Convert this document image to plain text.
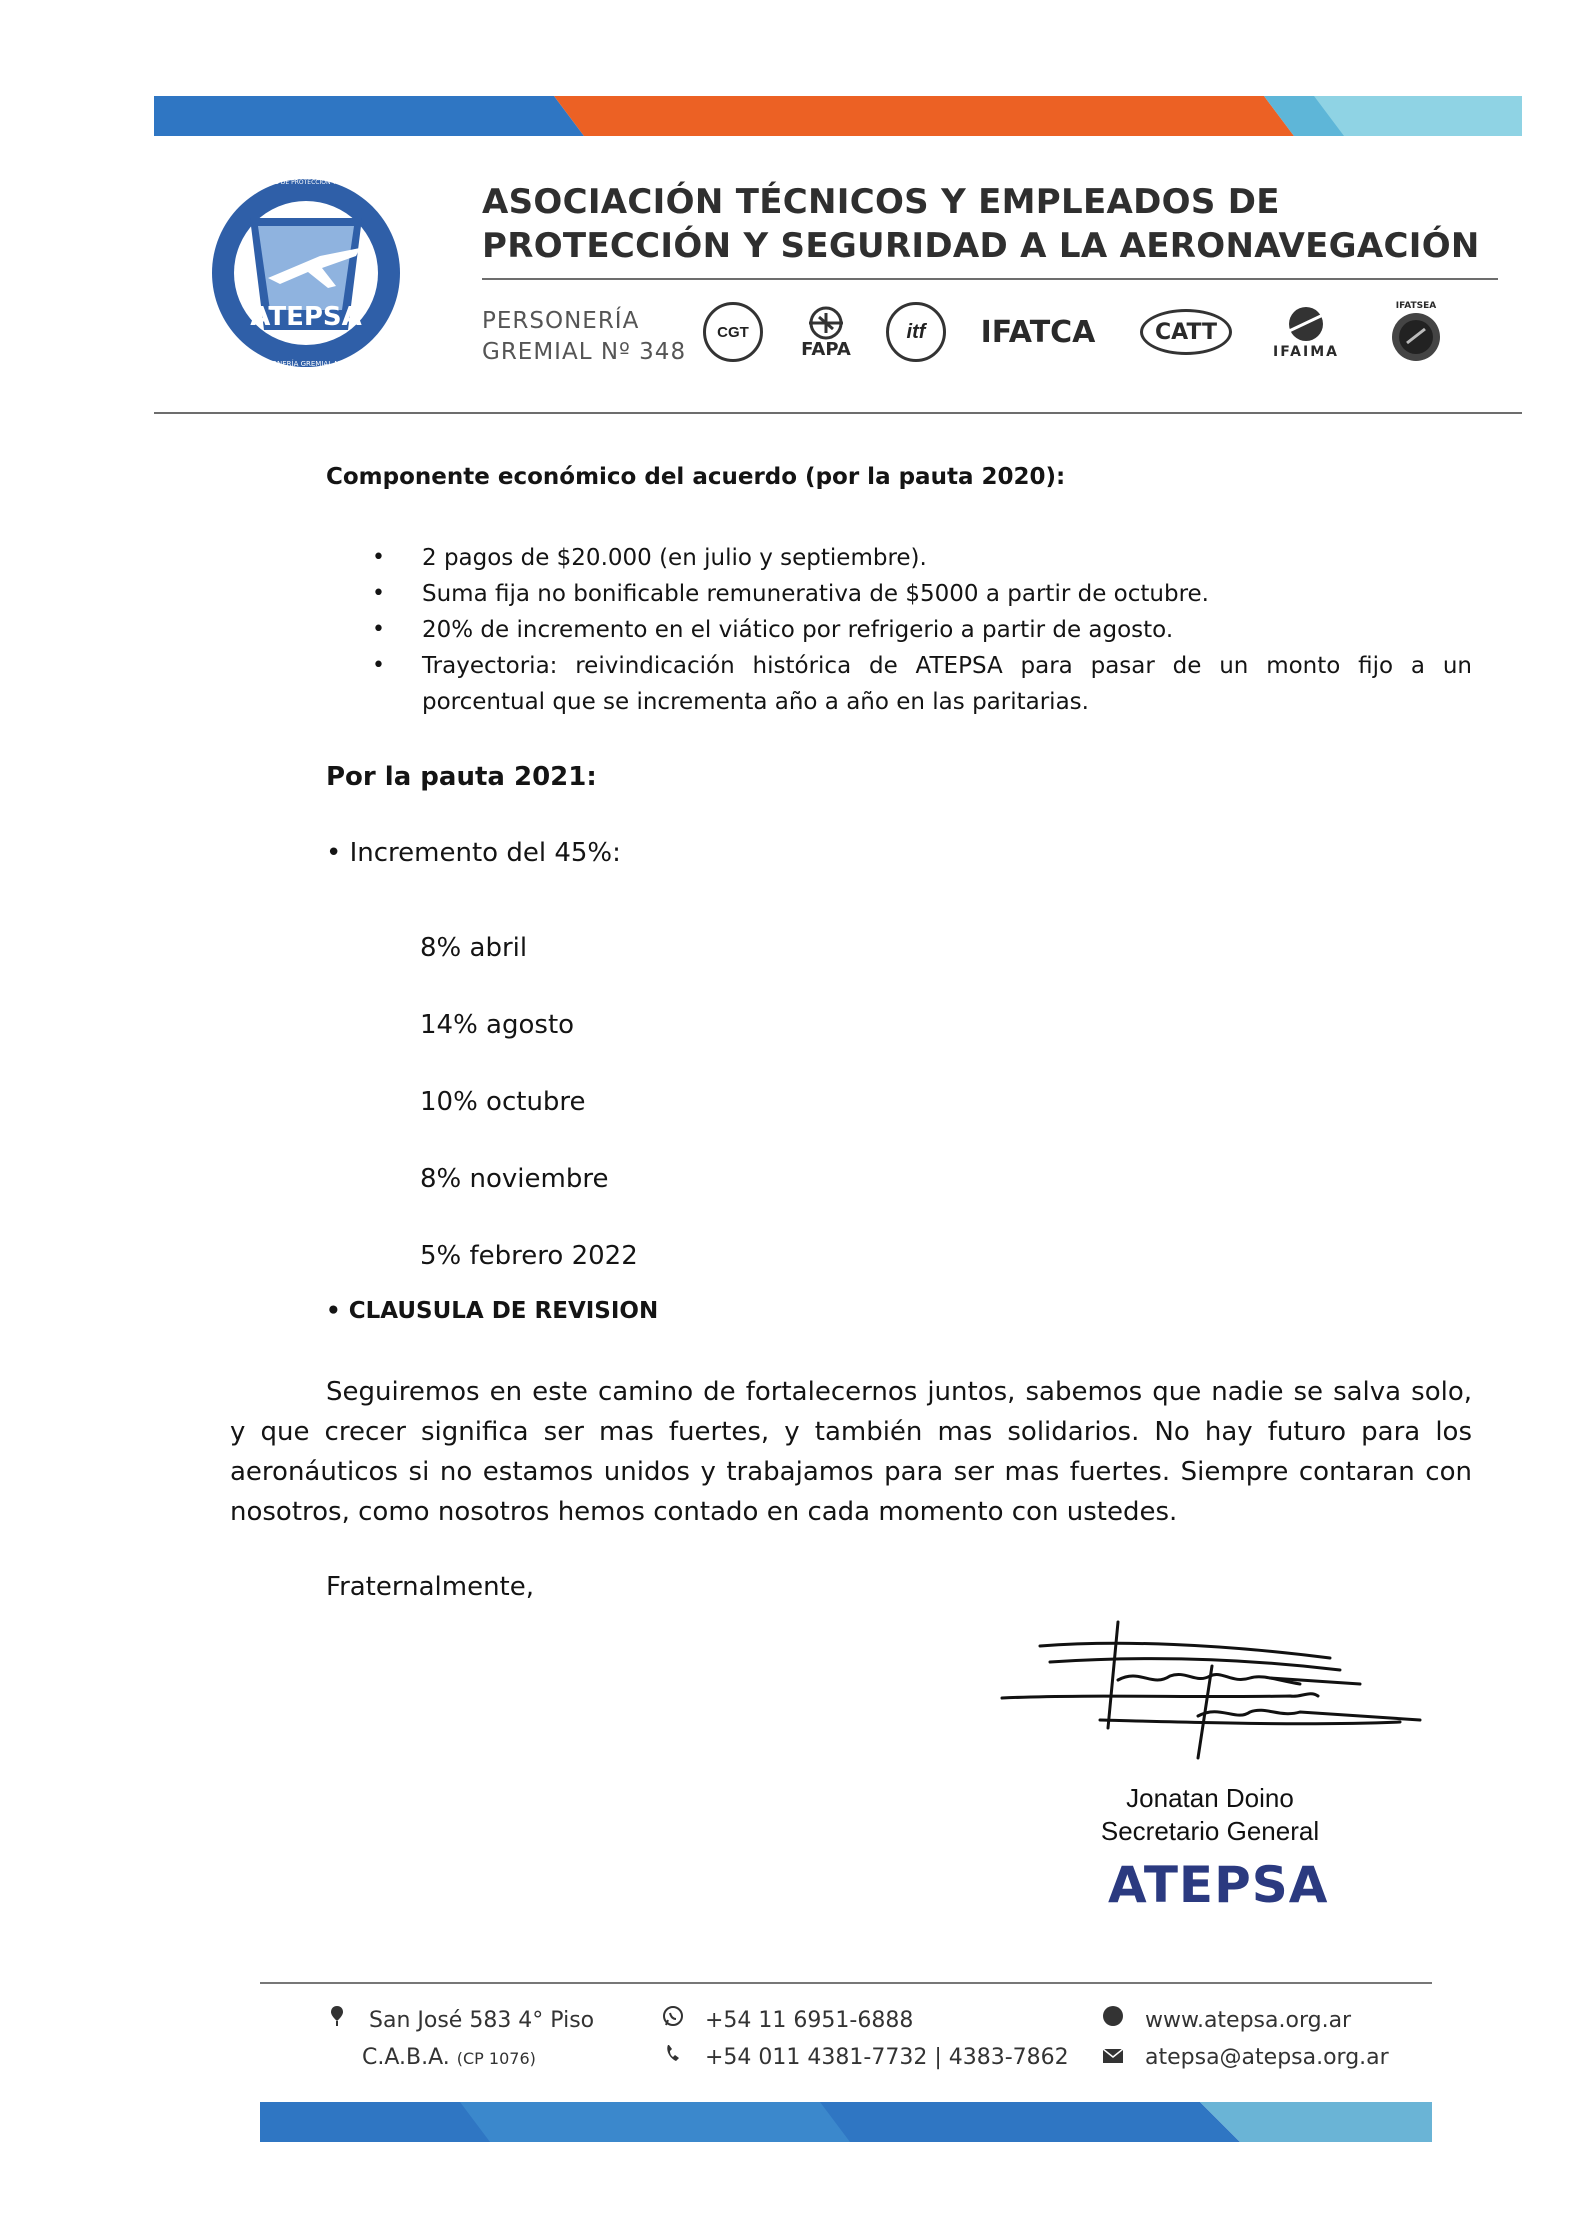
ATEPSA
PERSONERÍA GREMIAL Nº 348
ASOCIACIÓN TÉCNICOS Y EMPLEADOS DE PROTECCIÓN Y SEGURIDAD A LA AERONAVEGACIÓN ASOCIACIÓN TÉCNICOS Y EMPLEADOS DE
PROTECCIÓN Y SEGURIDAD A LA AERONAVEGACIÓN
PERSONERÍA
GREMIAL Nº 348
CGT
FAPA
itf	IFATCA	CATT
IFAIMA
IFATSEA
Componente económico del acuerdo (por la pauta 2020):
• 2 pagos de $20.000 (en julio y septiembre).
• Suma fija no bonificable remunerativa de $5000 a partir de octubre.
• 20% de incremento en el viático por refrigerio a partir de agosto.
• Trayectoria: reivindicación histórica de ATEPSA para pasar de un monto fijo a un porcentual que se incrementa año a año en las paritarias.
Por la pauta 2021:
• Incremento del 45%:
8% abril
14% agosto
10% octubre
8% noviembre
5% febrero 2022
• CLAUSULA DE REVISION
Seguiremos en este camino de fortalecernos juntos, sabemos que nadie se salva solo, y que crecer significa ser mas fuertes, y también mas solidarios. No hay futuro para los aeronáuticos si no estamos unidos y trabajamos para ser mas fuertes. Siempre contaran con nosotros, como nosotros hemos contado en cada momento con ustedes.
Fraternalmente,
Jonatan Doino
Secretario General
ATEPSA
San José 583 4° Piso
C.A.B.A. (CP 1076)
+54 11 6951-6888
+54 011 4381-7732 | 4383-7862
www.atepsa.org.ar
atepsa@atepsa.org.ar
